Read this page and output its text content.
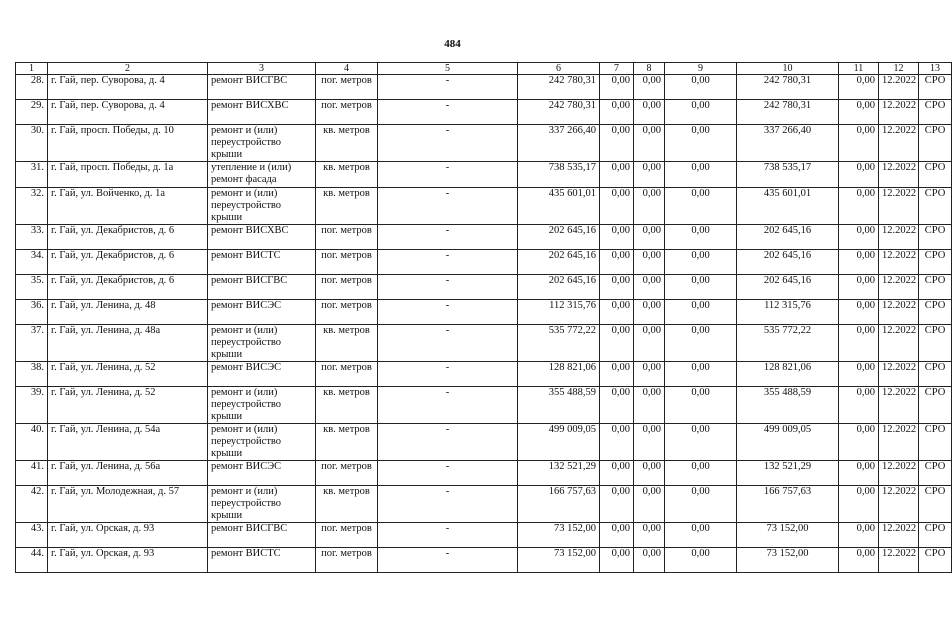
484
1	2	3	4	5	6	7	8	9	10	11	12	13
28.	г. Гай, пер. Суворова, д. 4	ремонт ВИСГВС	пог. метров	-	242 780,31	0,00	0,00	0,00	242 780,31	0,00	12.2022	СРО
29.	г. Гай, пер. Суворова, д. 4	ремонт ВИСХВС	пог. метров	-	242 780,31	0,00	0,00	0,00	242 780,31	0,00	12.2022	СРО
30.	г. Гай, просп. Победы, д. 10	ремонт и (или) переустройство крыши	кв. метров	-	337 266,40	0,00	0,00	0,00	337 266,40	0,00	12.2022	СРО
31.	г. Гай, просп. Победы, д. 1а	утепление и (или) ремонт фасада	кв. метров	-	738 535,17	0,00	0,00	0,00	738 535,17	0,00	12.2022	СРО
32.	г. Гай, ул. Войченко, д. 1а	ремонт и (или) переустройство крыши	кв. метров	-	435 601,01	0,00	0,00	0,00	435 601,01	0,00	12.2022	СРО
33.	г. Гай, ул. Декабристов, д. 6	ремонт ВИСХВС	пог. метров	-	202 645,16	0,00	0,00	0,00	202 645,16	0,00	12.2022	СРО
34.	г. Гай, ул. Декабристов, д. 6	ремонт ВИСТС	пог. метров	-	202 645,16	0,00	0,00	0,00	202 645,16	0,00	12.2022	СРО
35.	г. Гай, ул. Декабристов, д. 6	ремонт ВИСГВС	пог. метров	-	202 645,16	0,00	0,00	0,00	202 645,16	0,00	12.2022	СРО
36.	г. Гай, ул. Ленина, д. 48	ремонт ВИСЭС	пог. метров	-	112 315,76	0,00	0,00	0,00	112 315,76	0,00	12.2022	СРО
37.	г. Гай, ул. Ленина, д. 48а	ремонт и (или) переустройство крыши	кв. метров	-	535 772,22	0,00	0,00	0,00	535 772,22	0,00	12.2022	СРО
38.	г. Гай, ул. Ленина, д. 52	ремонт ВИСЭС	пог. метров	-	128 821,06	0,00	0,00	0,00	128 821,06	0,00	12.2022	СРО
39.	г. Гай, ул. Ленина, д. 52	ремонт и (или) переустройство крыши	кв. метров	-	355 488,59	0,00	0,00	0,00	355 488,59	0,00	12.2022	СРО
40.	г. Гай, ул. Ленина, д. 54а	ремонт и (или) переустройство крыши	кв. метров	-	499 009,05	0,00	0,00	0,00	499 009,05	0,00	12.2022	СРО
41.	г. Гай, ул. Ленина, д. 56а	ремонт ВИСЭС	пог. метров	-	132 521,29	0,00	0,00	0,00	132 521,29	0,00	12.2022	СРО
42.	г. Гай, ул. Молодежная, д. 57	ремонт и (или) переустройство крыши	кв. метров	-	166 757,63	0,00	0,00	0,00	166 757,63	0,00	12.2022	СРО
43.	г. Гай, ул. Орская, д. 93	ремонт ВИСГВС	пог. метров	-	73 152,00	0,00	0,00	0,00	73 152,00	0,00	12.2022	СРО
44.	г. Гай, ул. Орская, д. 93	ремонт ВИСТС	пог. метров	-	73 152,00	0,00	0,00	0,00	73 152,00	0,00	12.2022	СРО
